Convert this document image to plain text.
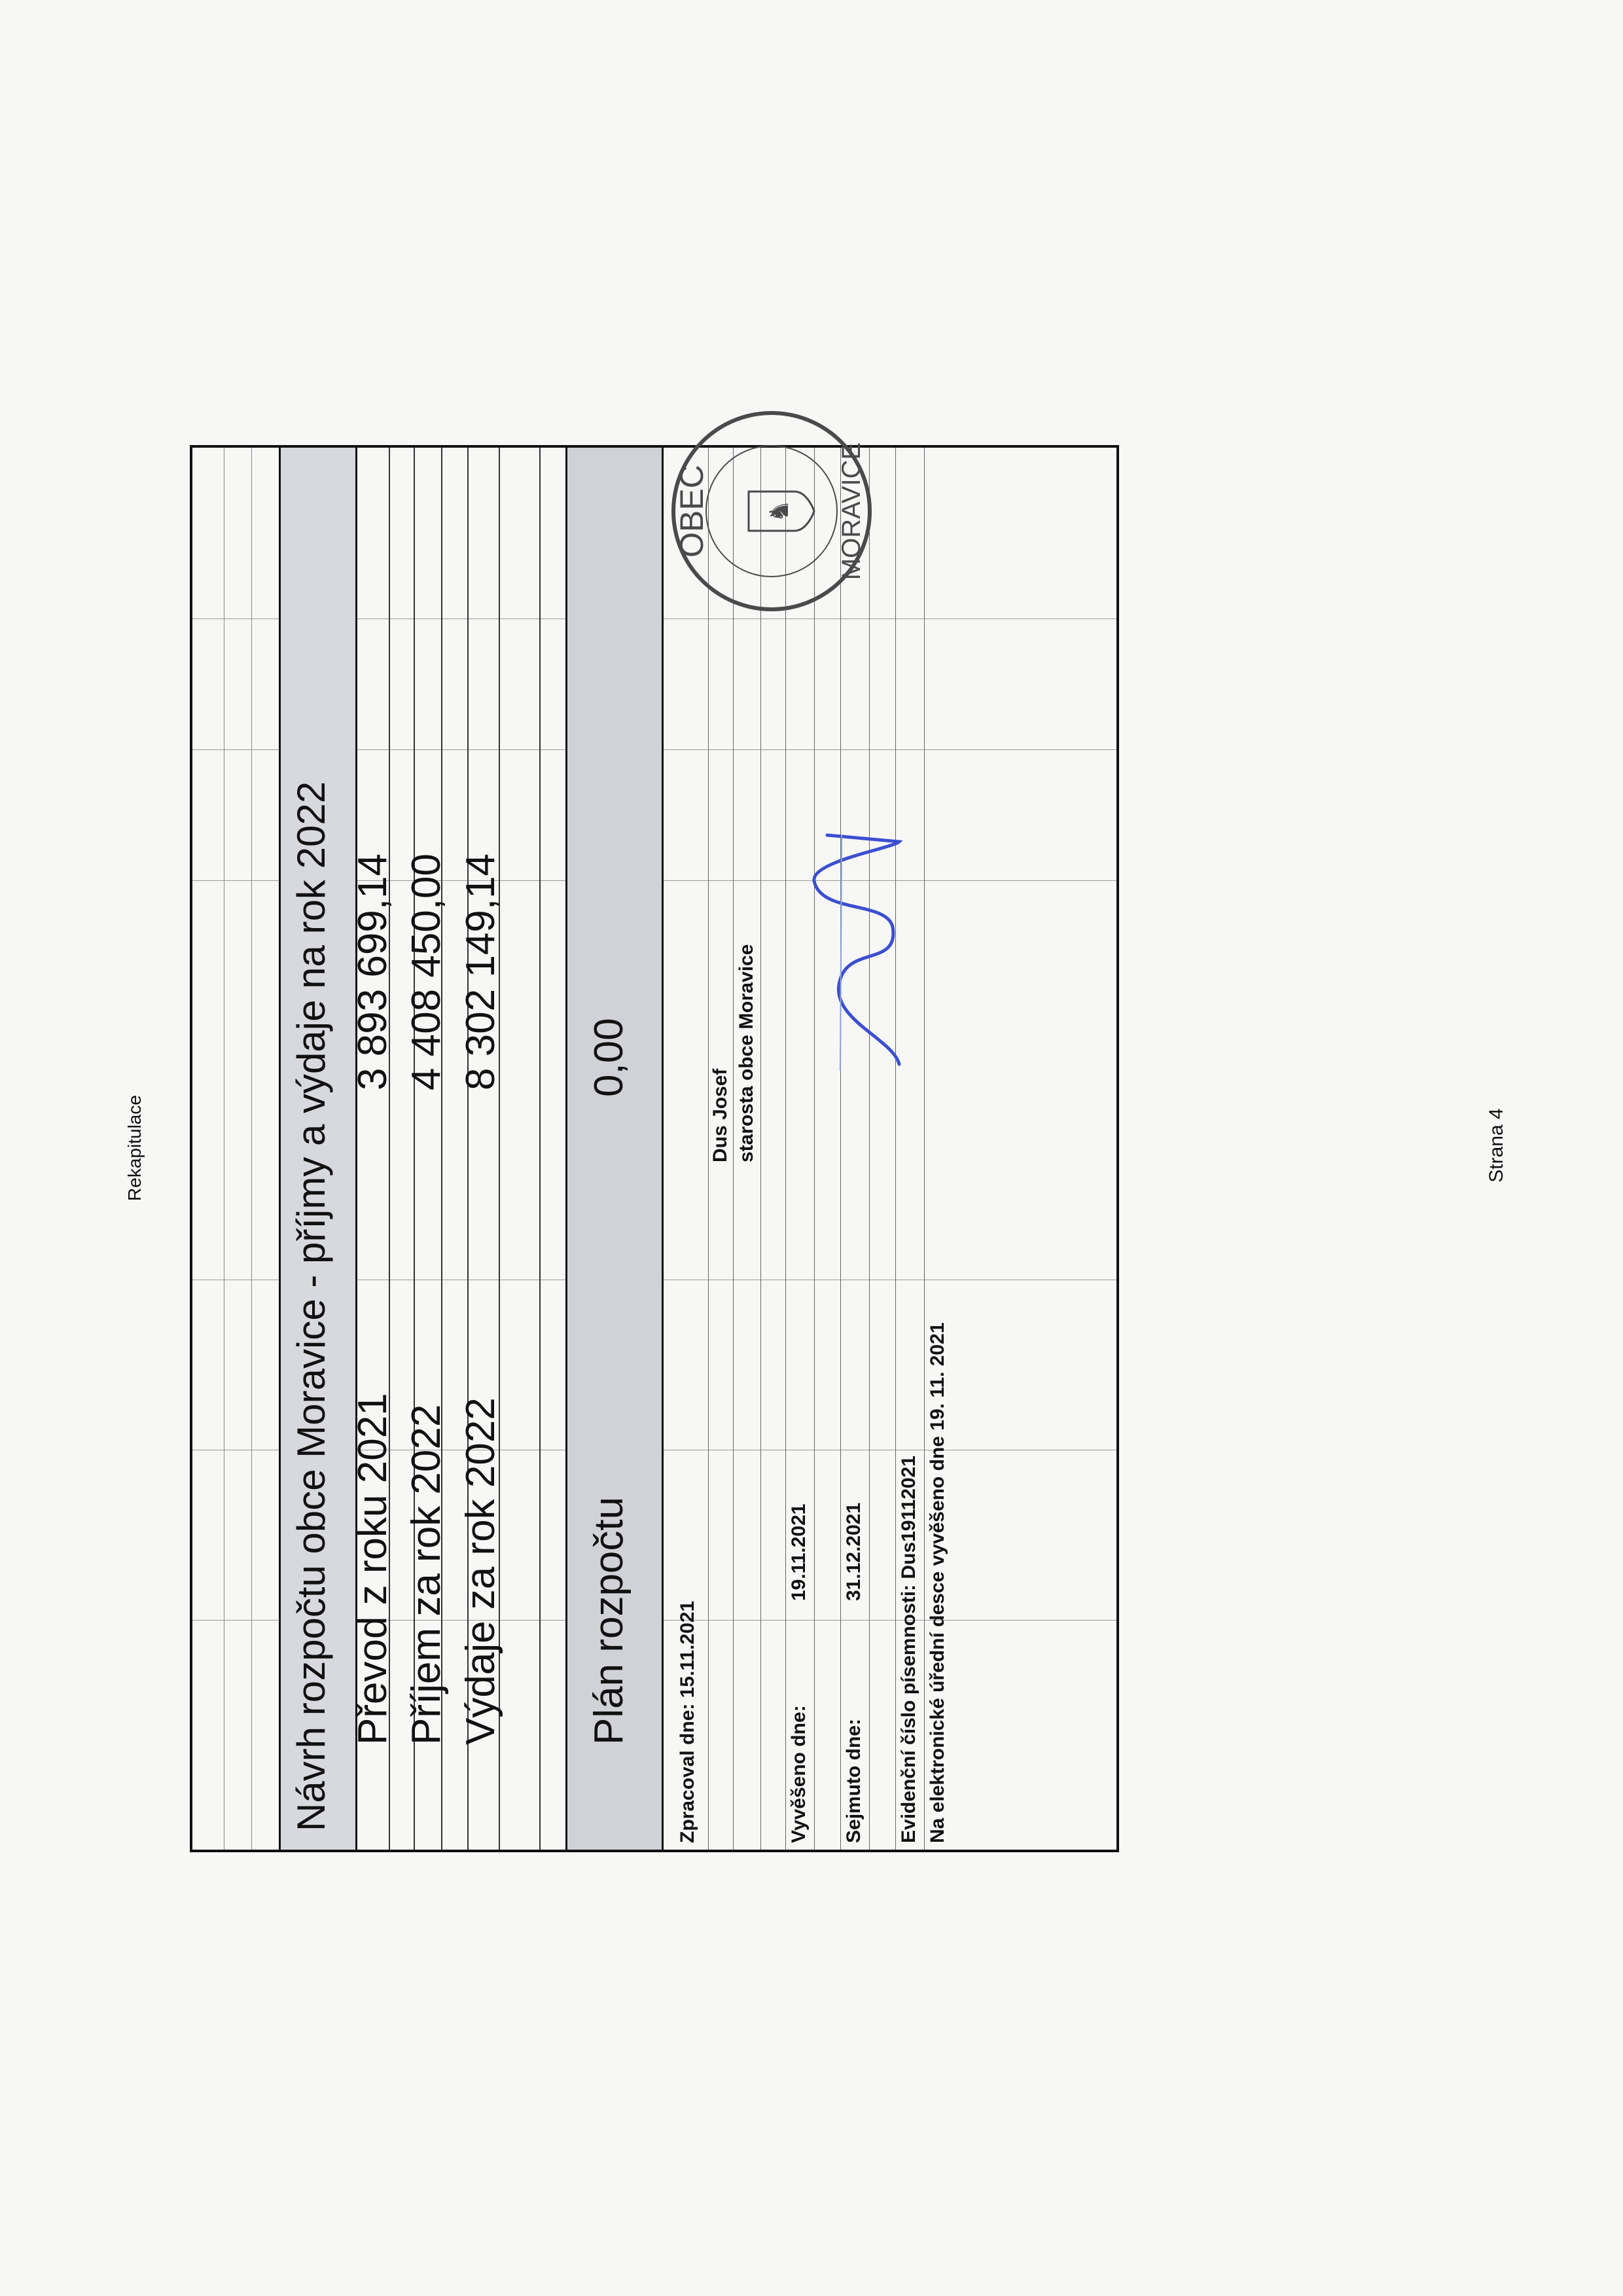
Rekapitulace	Návrh rozpočtu obce Moravice - příjmy a výdaje na rok 2022 Převod z roku 2021
3 893 699,14
Příjem za rok 2022
4 408 450,00
Výdaje za rok 2022
8 302 149,14
Plán rozpočtu
0,00
Zpracoval dne: 15.11.2021
Dus Josef starosta obce Moravice
Vyvěšeno dne:
19.11.2021
Sejmuto dne:
31.12.2021 Evidenční číslo písemnosti: Dus19112021 Na elektronické úřední desce vyvěšeno dne 19. 11. 2021
OBEC	MORAVICE
♞
Strana 4
